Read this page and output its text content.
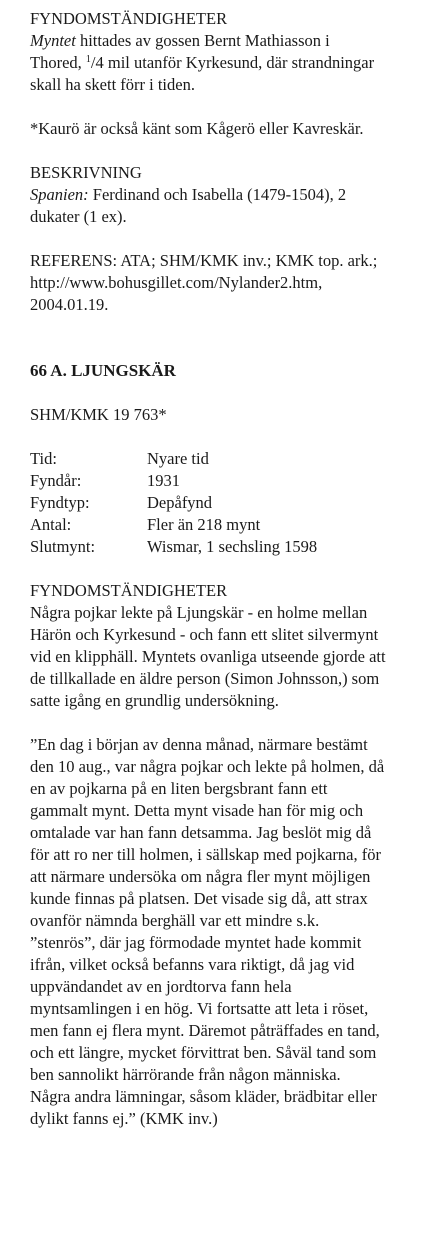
FYNDOMSTÄNDIGHETER

Myntet hittades av gossen Bernt Mathiasson i

Thored, $^1$/4 mil utanför Kyrkesund, där strandningar

skall ha skett förr i tiden.

*Kaurö är också känt som Kågerö eller Kavreskär.

BESKRIVNING

Spanien: Ferdinand och Isabella (1479-1504), 2

dukater (1 ex).

REFERENS: ATA; SHM/KMK inv.; KMK top. ark.;

http://www.bohusgillet.com/Nylander2.htm,

2004.01.19.

66 A. LJUNGSKÄR

SHM/KMK 19 763*

Tid:	Nyare tid
Fyndår:	1931
Fyndtyp:	Depåfynd
Antal:	Fler än 218 mynt
Slutmynt:	Wismar, 1 sechsling 1598

FYNDOMSTÄNDIGHETER

Några pojkar lekte på Ljungskär - en holme mellan

Härön och Kyrkesund - och fann ett slitet silvermynt

vid en klipphäll. Myntets ovanliga utseende gjorde att

de tillkallade en äldre person (Simon Johnsson,) som

satte igång en grundlig undersökning.

”En dag i början av denna månad, närmare bestämt

den 10 aug., var några pojkar och lekte på holmen, då

en av pojkarna på en liten bergsbrant fann ett

gammalt mynt. Detta mynt visade han för mig och

omtalade var han fann detsamma. Jag beslöt mig då

för att ro ner till holmen, i sällskap med pojkarna, för

att närmare undersöka om några fler mynt möjligen

kunde finnas på platsen. Det visade sig då, att strax

ovanför nämnda berghäll var ett mindre s.k.

”stenrös”, där jag förmodade myntet hade kommit

ifrån, vilket också befanns vara riktigt, då jag vid

uppvändandet av en jordtorva fann hela

myntsamlingen i en hög. Vi fortsatte att leta i röset,

men fann ej flera mynt. Däremot påträffades en tand,

och ett längre, mycket förvittrat ben. Såväl tand som

ben sannolikt härrörande från någon människa.

Några andra lämningar, såsom kläder, brädbitar eller

dylikt fanns ej.” (KMK inv.)
